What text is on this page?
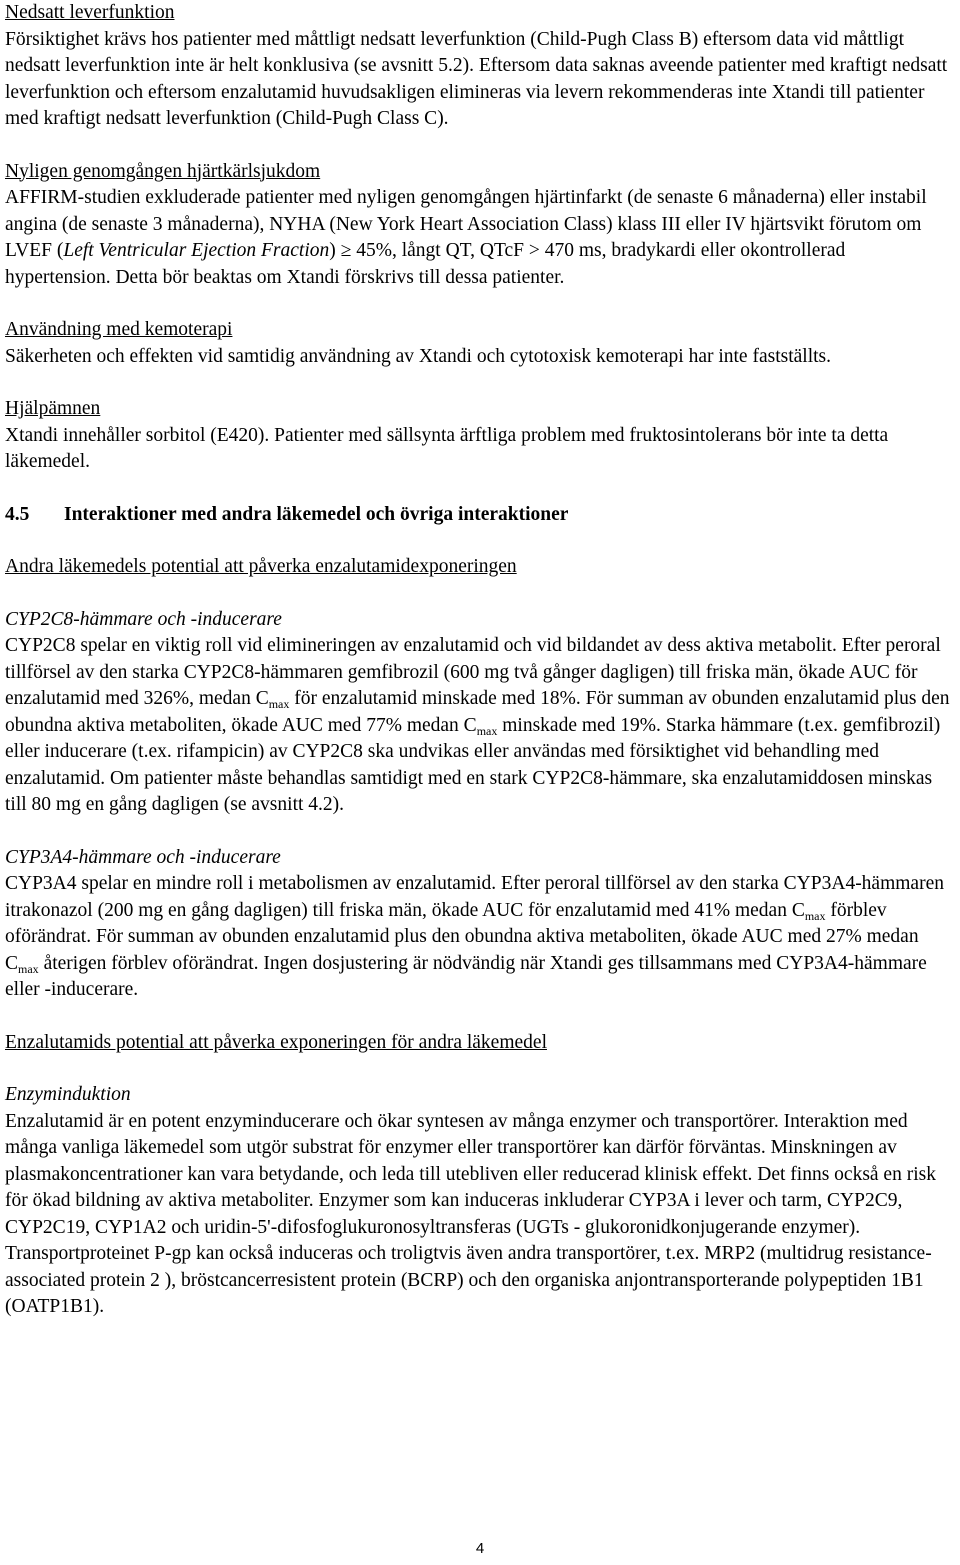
Nedsatt leverfunktion

Försiktighet krävs hos patienter med måttligt nedsatt leverfunktion (Child-Pugh Class B) eftersom data vid måttligt nedsatt leverfunktion inte är helt konklusiva (se avsnitt 5.2). Eftersom data saknas aveende patienter med kraftigt nedsatt leverfunktion och eftersom enzalutamid huvudsakligen elimineras via levern rekommenderas inte Xtandi till patienter med kraftigt nedsatt leverfunktion (Child-Pugh Class C).

Nyligen genomgången hjärtkärlsjukdom

AFFIRM-studien exkluderade patienter med nyligen genomgången hjärtinfarkt (de senaste 6 månaderna) eller instabil angina (de senaste 3 månaderna), NYHA (New York Heart Association Class) klass III eller IV hjärtsvikt förutom om LVEF (Left Ventricular Ejection Fraction) ≥ 45%, långt QT, QTcF > 470 ms, bradykardi eller okontrollerad hypertension. Detta bör beaktas om Xtandi förskrivs till dessa patienter.

Användning med kemoterapi

Säkerheten och effekten vid samtidig användning av Xtandi och cytotoxisk kemoterapi har inte fastställts.

Hjälpämnen

Xtandi innehåller sorbitol (E420). Patienter med sällsynta ärftliga problem med fruktosintolerans bör inte ta detta läkemedel.

4.5	Interaktioner med andra läkemedel och övriga interaktioner

Andra läkemedels potential att påverka enzalutamidexponeringen

CYP2C8-hämmare och -inducerare

CYP2C8 spelar en viktig roll vid elimineringen av enzalutamid och vid bildandet av dess aktiva metabolit. Efter peroral tillförsel av den starka CYP2C8-hämmaren gemfibrozil (600 mg två gånger dagligen) till friska män, ökade AUC för enzalutamid med 326%, medan $C_{max}$ för enzalutamid minskade med 18%. För summan av obunden enzalutamid plus den obundna aktiva metaboliten, ökade AUC med 77% medan $C_{max}$ minskade med 19%. Starka hämmare (t.ex. gemfibrozil) eller inducerare (t.ex. rifampicin) av CYP2C8 ska undvikas eller användas med försiktighet vid behandling med enzalutamid. Om patienter måste behandlas samtidigt med en stark CYP2C8-hämmare, ska enzalutamiddosen minskas till 80 mg en gång dagligen (se avsnitt 4.2).

CYP3A4-hämmare och -inducerare

CYP3A4 spelar en mindre roll i metabolismen av enzalutamid. Efter peroral tillförsel av den starka CYP3A4-hämmaren itrakonazol (200 mg en gång dagligen) till friska män, ökade AUC för enzalutamid med 41% medan $C_{max}$ förblev oförändrat. För summan av obunden enzalutamid plus den obundna aktiva metaboliten, ökade AUC med 27% medan $C_{max}$ återigen förblev oförändrat. Ingen dosjustering är nödvändig när Xtandi ges tillsammans med CYP3A4-hämmare eller -inducerare.

Enzalutamids potential att påverka exponeringen för andra läkemedel

Enzyminduktion

Enzalutamid är en potent enzyminducerare och ökar syntesen av många enzymer och transportörer. Interaktion med många vanliga läkemedel som utgör substrat för enzymer eller transportörer kan därför förväntas. Minskningen av plasmakoncentrationer kan vara betydande, och leda till utebliven eller reducerad klinisk effekt. Det finns också en risk för ökad bildning av aktiva metaboliter. Enzymer som kan induceras inkluderar CYP3A i lever och tarm, CYP2C9, CYP2C19, CYP1A2 och uridin-5'-difosfoglukuronosyltransferas (UGTs - glukoronidkonjugerande enzymer). Transportproteinet P-gp kan också induceras och troligtvis även andra transportörer, t.ex. MRP2 (multidrug resistance-associated protein 2 ), bröstcancerresistent protein (BCRP) och den organiska anjontransporterande polypeptiden 1B1 (OATP1B1).

4
